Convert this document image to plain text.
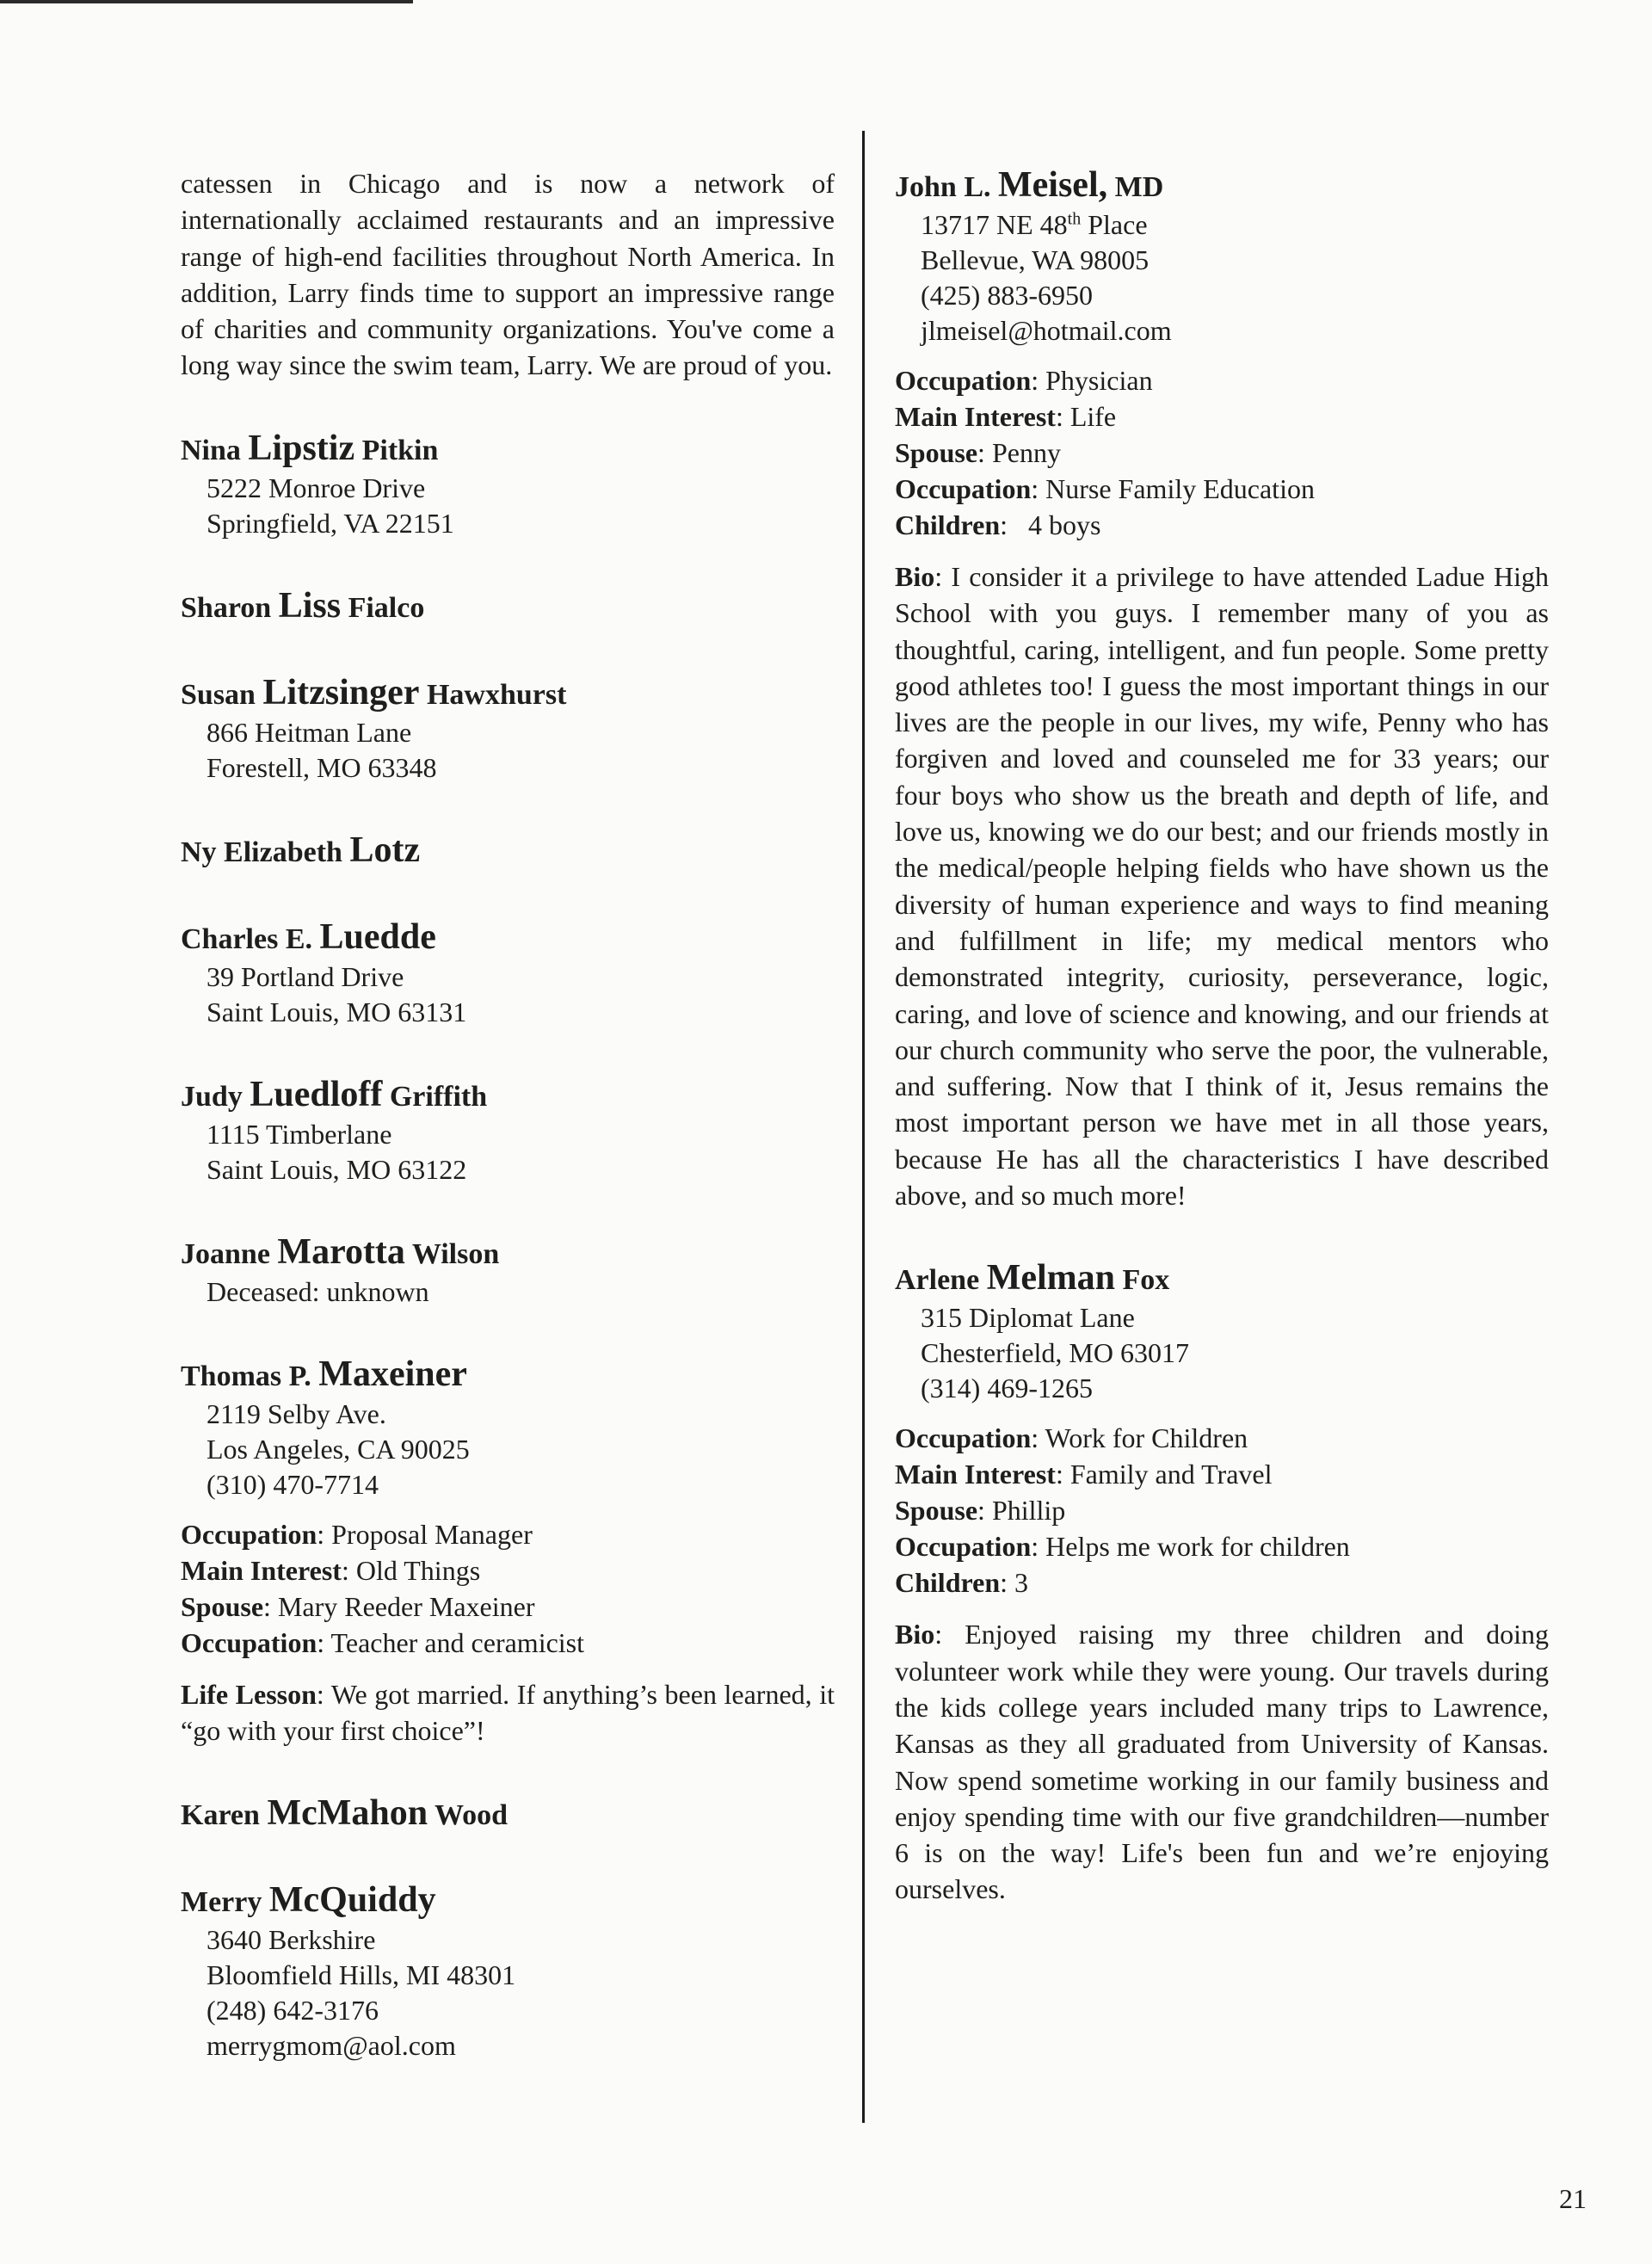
catessen in Chicago and is now a network of internationally acclaimed restaurants and an impressive range of high-end facilities throughout North America. In addition, Larry finds time to support an impressive range of charities and community organizations. You've come a long way since the swim team, Larry. We are proud of you.

Nina Lipstiz Pitkin
5222 Monroe Drive
Springfield, VA 22151
Sharon Liss Fialco
Susan Litzsinger Hawxhurst
866 Heitman Lane
Forestell, MO 63348
Ny Elizabeth Lotz
Charles E. Luedde
39 Portland Drive
Saint Louis, MO 63131
Judy Luedloff Griffith
1115 Timberlane
Saint Louis, MO 63122
Joanne Marotta Wilson
Deceased: unknown
Thomas P. Maxeiner
2119 Selby Ave.
Los Angeles, CA 90025
(310) 470-7714
Occupation: Proposal Manager
Main Interest: Old Things
Spouse: Mary Reeder Maxeiner
Occupation: Teacher and ceramicist
Life Lesson: We got married. If anything’s been learned, it “go with your first choice”!
Karen McMahon Wood
Merry McQuiddy
3640 Berkshire
Bloomfield Hills, MI 48301
(248) 642-3176
merrygmom@aol.com
John L. Meisel, MD
13717 NE 48th Place
Bellevue, WA 98005
(425) 883-6950
jlmeisel@hotmail.com
Occupation: Physician
Main Interest: Life
Spouse: Penny
Occupation: Nurse Family Education
Children:   4 boys
Bio: I consider it a privilege to have attended Ladue High School with you guys. I remember many of you as thoughtful, caring, intelligent, and fun people. Some pretty good athletes too! I guess the most important things in our lives are the people in our lives, my wife, Penny who has forgiven and loved and counseled me for 33 years; our four boys who show us the breath and depth of life, and love us, knowing we do our best; and our friends mostly in the medical/people helping fields who have shown us the diversity of human experience and ways to find meaning and fulfillment in life; my medical mentors who demonstrated integrity, curiosity, perseverance, logic, caring, and love of science and knowing, and our friends at our church community who serve the poor, the vulnerable, and suffering. Now that I think of it, Jesus remains the most important person we have met in all those years, because He has all the characteristics I have described above, and so much more!
Arlene Melman Fox
315 Diplomat Lane
Chesterfield, MO 63017
(314) 469-1265
Occupation: Work for Children
Main Interest: Family and Travel
Spouse: Phillip
Occupation: Helps me work for children
Children: 3
Bio: Enjoyed raising my three children and doing volunteer work while they were young. Our travels during the kids college years included many trips to Lawrence, Kansas as they all graduated from University of Kansas. Now spend sometime working in our family business and enjoy spending time with our five grandchildren—number 6 is on the way! Life's been fun and we’re enjoying ourselves.
21
